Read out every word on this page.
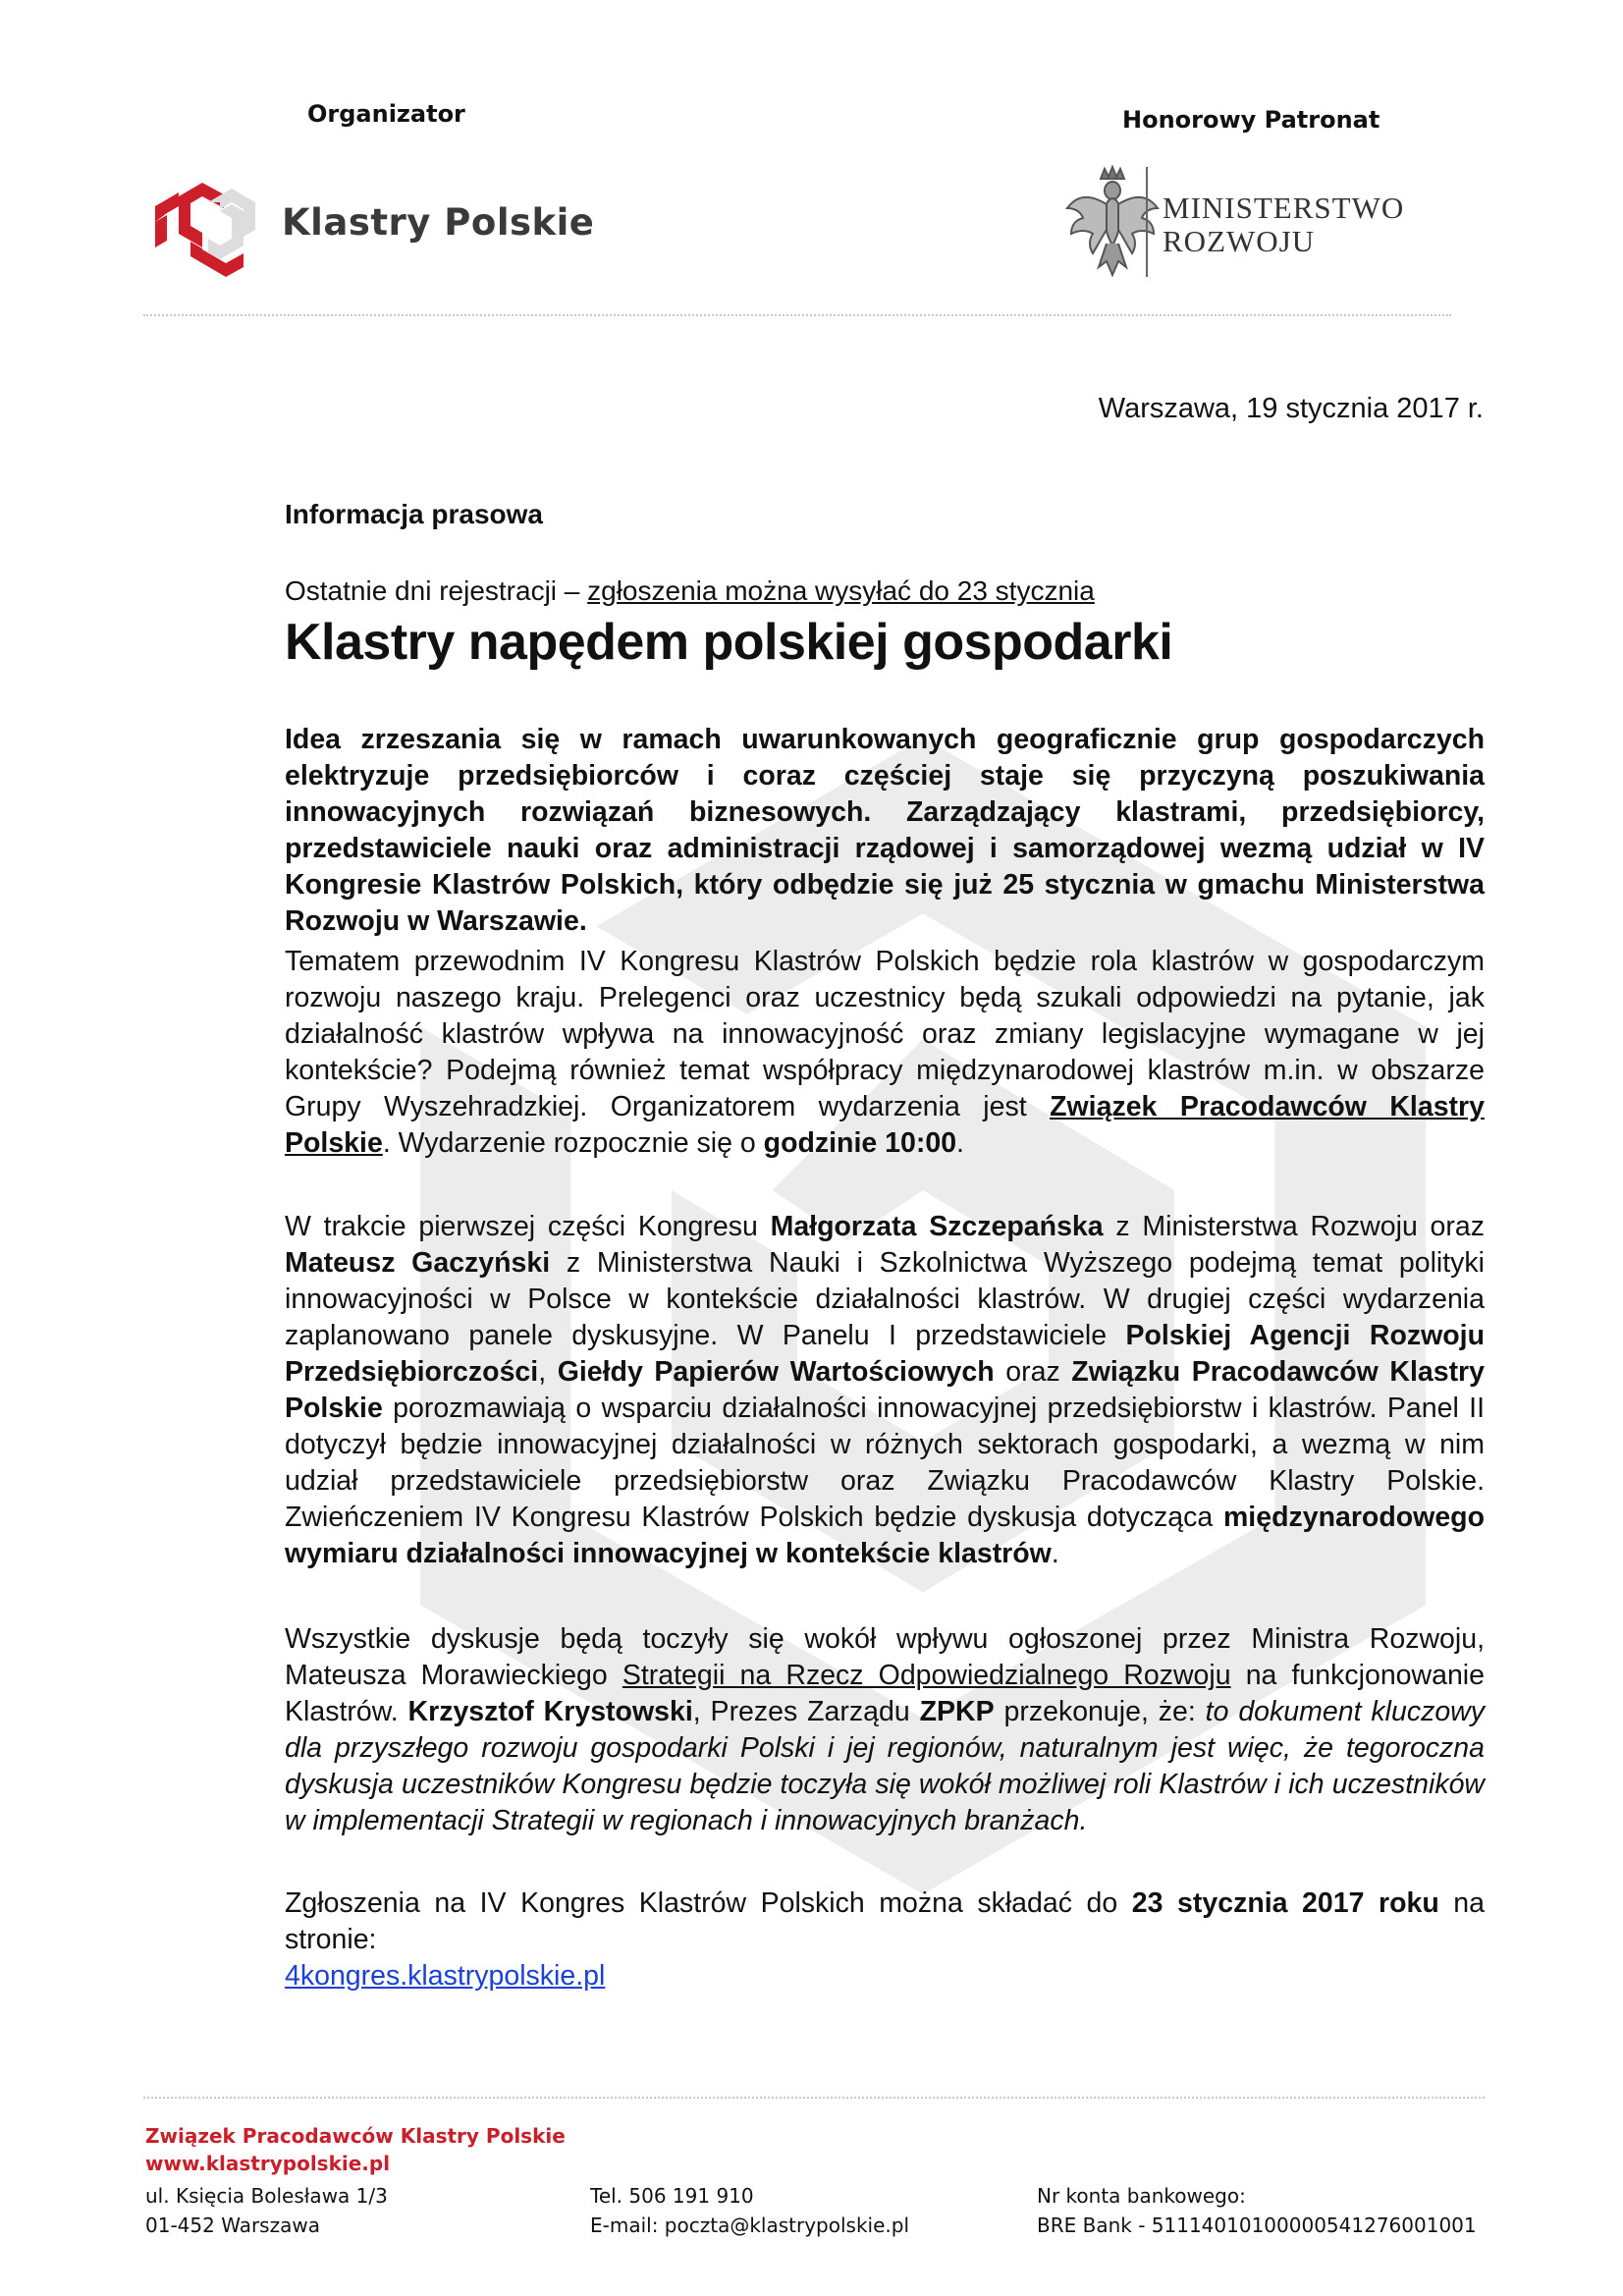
Organizator	Honorowy Patronat
Klastry Polskie	MINISTERSTWO
ROZWOJU
Warszawa, 19 stycznia 2017 r.
Informacja prasowa
Ostatnie dni rejestracji – zgłoszenia można wysyłać do 23 stycznia
Klastry napędem polskiej gospodarki

Idea zrzeszania się w ramach uwarunkowanych geograficznie grup gospodarczych elektryzuje przedsiębiorców i coraz częściej staje się przyczyną poszukiwania innowacyjnych rozwiązań biznesowych. Zarządzający klastrami, przedsiębiorcy, przedstawiciele nauki oraz administracji rządowej i samorządowej wezmą udział w IV Kongresie Klastrów Polskich, który odbędzie się już 25 stycznia w gmachu Ministerstwa Rozwoju w Warszawie.

Tematem przewodnim IV Kongresu Klastrów Polskich będzie rola klastrów w gospodarczym rozwoju naszego kraju. Prelegenci oraz uczestnicy będą szukali odpowiedzi na pytanie, jak działalność klastrów wpływa na innowacyjność oraz zmiany legislacyjne wymagane w jej kontekście? Podejmą również temat współpracy międzynarodowej klastrów m.in. w obszarze Grupy Wyszehradzkiej. Organizatorem wydarzenia jest Związek Pracodawców Klastry Polskie. Wydarzenie rozpocznie się o godzinie 10:00.

W trakcie pierwszej części Kongresu Małgorzata Szczepańska z Ministerstwa Rozwoju oraz Mateusz Gaczyński z Ministerstwa Nauki i Szkolnictwa Wyższego podejmą temat polityki innowacyjności w Polsce w kontekście działalności klastrów. W drugiej części wydarzenia zaplanowano panele dyskusyjne. W Panelu I przedstawiciele Polskiej Agencji Rozwoju Przedsiębiorczości, Giełdy Papierów Wartościowych oraz Związku Pracodawców Klastry Polskie porozmawiają o wsparciu działalności innowacyjnej przedsiębiorstw i klastrów. Panel II dotyczył będzie innowacyjnej działalności w różnych sektorach gospodarki, a wezmą w nim udział przedstawiciele przedsiębiorstw oraz Związku Pracodawców Klastry Polskie. Zwieńczeniem IV Kongresu Klastrów Polskich będzie dyskusja dotycząca międzynarodowego wymiaru działalności innowacyjnej w kontekście klastrów.

Wszystkie dyskusje będą toczyły się wokół wpływu ogłoszonej przez Ministra Rozwoju, Mateusza Morawieckiego Strategii na Rzecz Odpowiedzialnego Rozwoju na funkcjonowanie Klastrów. Krzysztof Krystowski, Prezes Zarządu ZPKP przekonuje, że: to dokument kluczowy dla przyszłego rozwoju gospodarki Polski i jej regionów, naturalnym jest więc, że tegoroczna dyskusja uczestników Kongresu będzie toczyła się wokół możliwej roli Klastrów i ich uczestników w implementacji Strategii w regionach i innowacyjnych branżach.

Zgłoszenia na IV Kongres Klastrów Polskich można składać do 23 stycznia 2017 roku na stronie:
4kongres.klastrypolskie.pl

Związek Pracodawców Klastry Polskie
www.klastrypolskie.pl
ul. Księcia Bolesława 1/3
01-452 Warszawa
Tel. 506 191 910
E-mail: poczta@klastrypolskie.pl
Nr konta bankowego:
BRE Bank - 51114010100000541276001001
